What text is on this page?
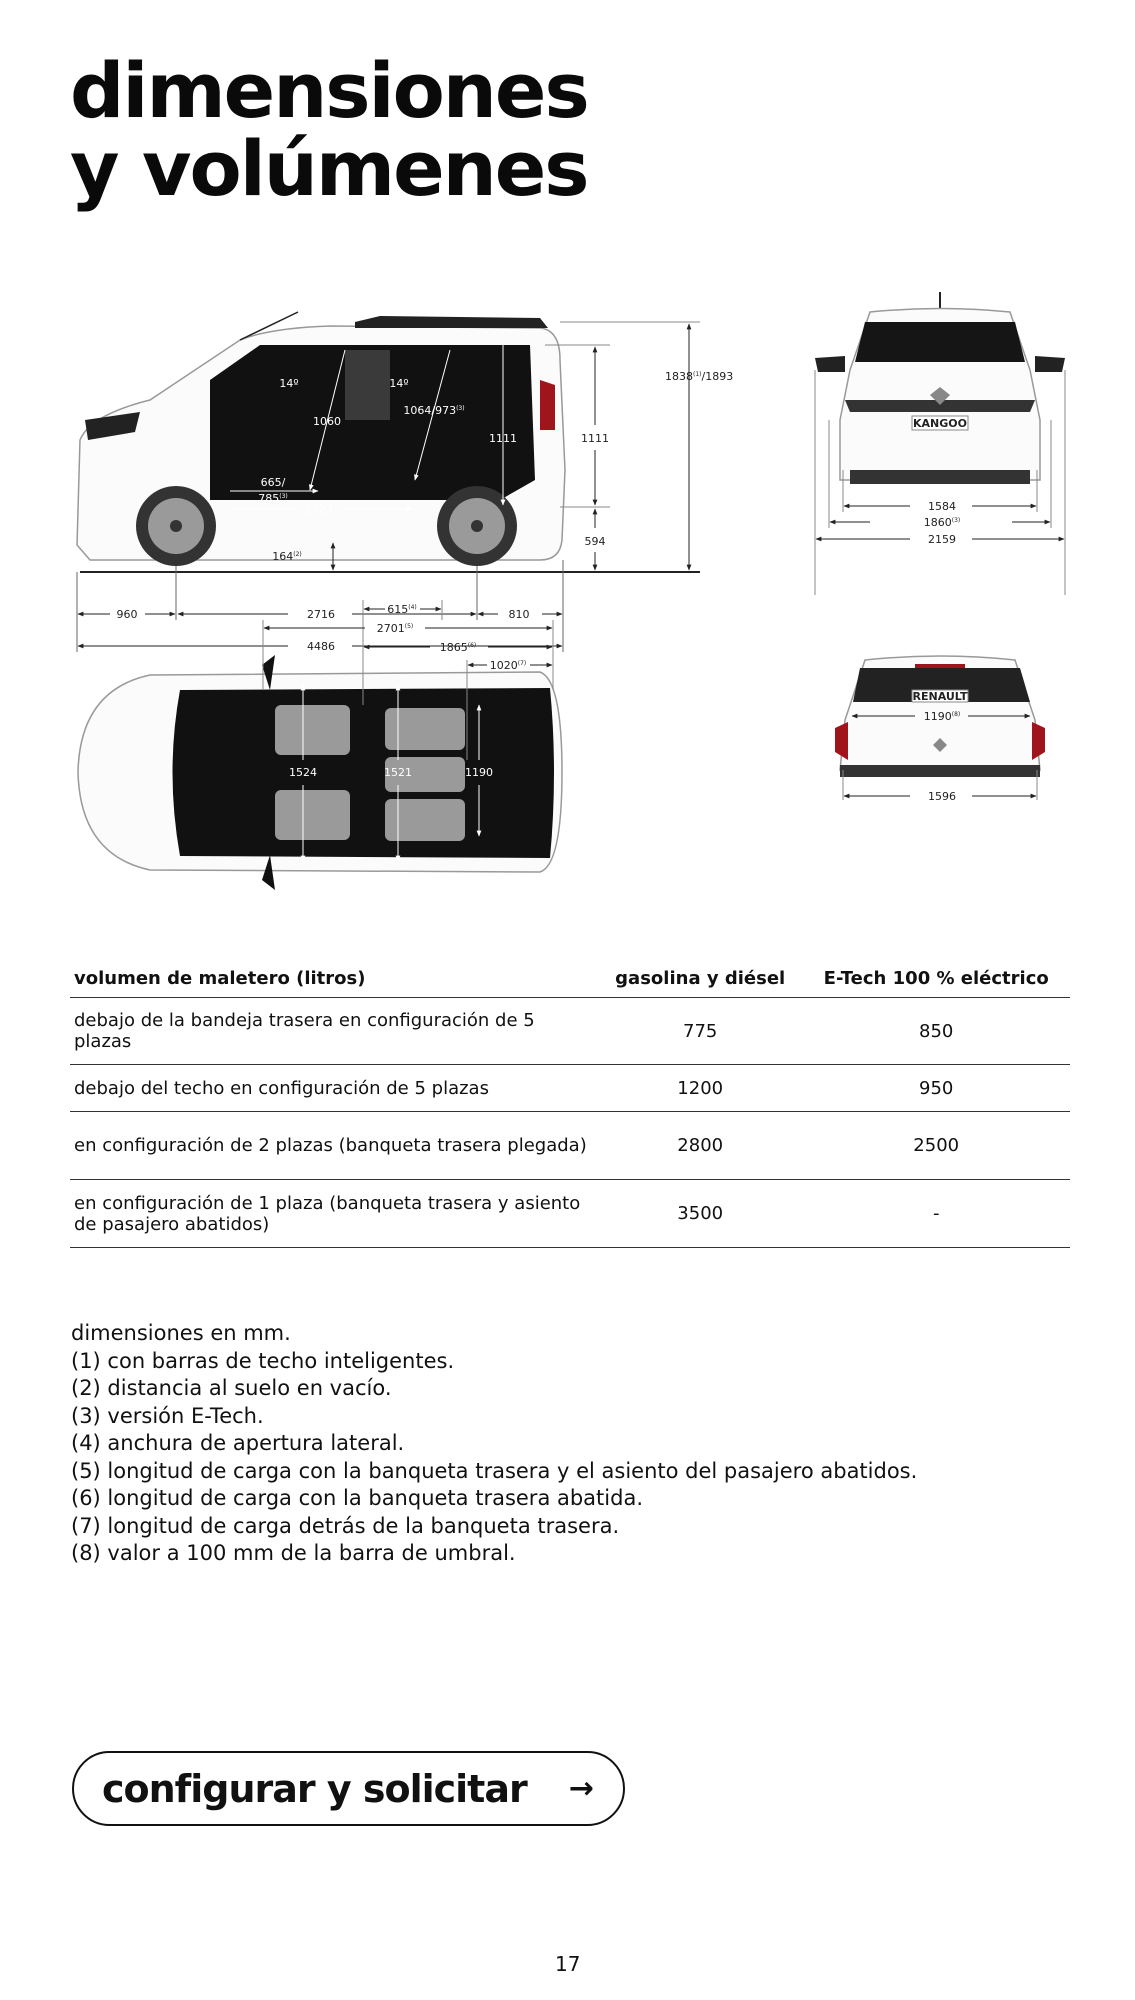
dimensiones
y volúmenes
960	2716	810
4486
1111
594
1838$^{(1)}$/1893
1111
14º	14º
1060
1064/973$^{(3)}$
665/
785$^{(3)}$
1727
164$^{(2)}$
KANGOO
1584
1860$^{(3)}$
2159
615$^{(4)}$
2701$^{(5)}$
1865$^{(6)}$
1020$^{(7)}$
1524	1521	1190
RENAULT
1190$^{(8)}$
1596
volumen de maletero (litros)	gasolina y diésel	E-Tech 100 % eléctrico
debajo de la bandeja trasera en configuración de 5 plazas	775	850
debajo del techo en configuración de 5 plazas	1200	950
en configuración de 2 plazas (banqueta trasera plegada)	2800	2500
en configuración de 1 plaza (banqueta trasera y asiento de pasajero abatidos)	3500	-
dimensiones en mm.
(1) con barras de techo inteligentes.
(2) distancia al suelo en vacío.
(3) versión E-Tech.
(4) anchura de apertura lateral.
(5) longitud de carga con la banqueta trasera y el asiento del pasajero abatidos.
(6) longitud de carga con la banqueta trasera abatida.
(7) longitud de carga detrás de la banqueta trasera.
(8) valor a 100 mm de la barra de umbral.
configurar y solicitar →
17
